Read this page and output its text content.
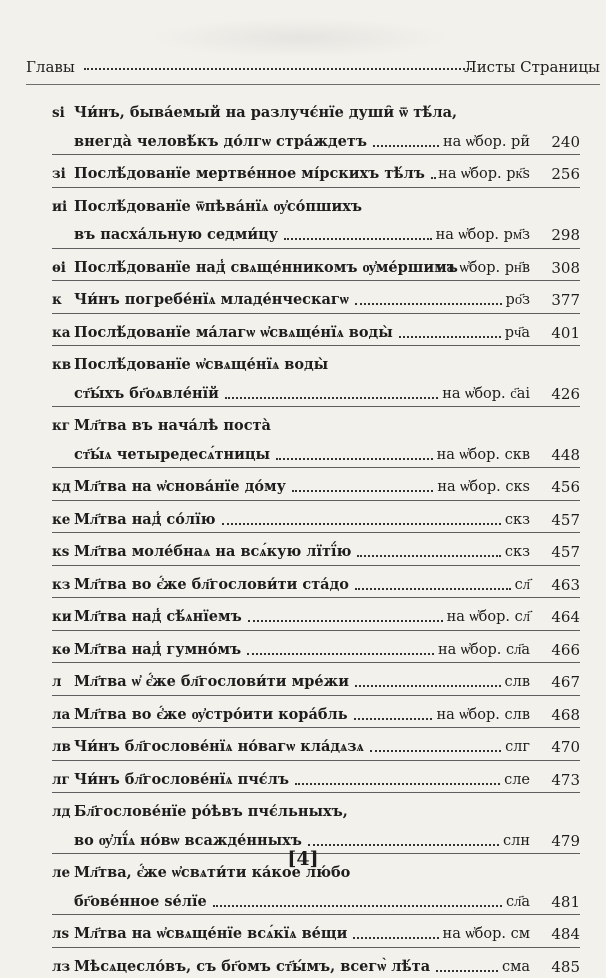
Главы	Листы Страницы
ѕі Чи́нъ, быва́емый на разлучє́нїе души̑ ѿ тѣ́ла,
внегда̀ человѣ́къ до́лгѡ стра́ждетъ	на ѡ҆бор. ри̃	240
зі Послѣ́дованїе мертве́нное мі́рскихъ тѣ́лъ на ѡ҆бор. рк҃ѕ	256
иі Послѣ́дованїе ѿпѣва́нїѧ ѹ҆со́пшихъ
въ пасха́льную седми́цу	на ѡ҆бор. рм҃з	298
ѳі Послѣ́дованїе над̾ свѧще́нникомъ ѹ҆ме́ршимъ
на ѡ҆бор. рн҃в	308
к Чи́нъ погребе́нїѧ младе́нческагѡ	ро҃з	377
ка Послѣ́дованїе ма́лагѡ ѡ҆свѧще́нїѧ воды̀	рч҃а	401
кв Послѣ́дованїе ѡ҆свѧще́нїѧ воды̀
ст҃ы́хъ бг҃оѧвле́нїй	на ѡ҆бор. с҃аі	426
кг Мл҃тва въ нача́лѣ поста̀
ст҃ы́ѧ четыредесѧ́тницы	на ѡ҆бор. скв	448
кд Мл҃тва на ѡ҆снова́нїе до́му	на ѡ҆бор. скѕ	456
ке Мл҃тва над̾ со́лїю	скз	457
кѕ Мл҃тва моле́бнаѧ на всѧ́кую лїтї́ю	скз	457
кз Мл҃тва во є҆́же бл҃гослови́ти ста́до	сл҃	463
ки Мл҃тва над̾ сѣ́ѧнїемъ	на ѡ҆бор. сл҃	464
кѳ Мл҃тва над̾ гумно́мъ	на ѡ҆бор. сл҃а	466
л Мл҃тва ѡ҆ є҆́же бл҃гослови́ти мре́жи	слв	467
ла Мл҃тва во є҆́же ѹ҆стро́ити кора́бль	на ѡ҆бор. слв	468
лв Чи́нъ бл҃гослове́нїѧ но́вагѡ кла́дѧзѧ	слг	470
лг Чи́нъ бл҃гослове́нїѧ пчє́лъ	сле	473
лд Бл҃гослове́нїе ро́ѣвъ пчє́льныхъ,
во ѹ҆лї́ѧ но́вѡ всажде́нныхъ	слн	479
ле Мл҃тва, є҆́же ѡ҆свѧти́ти ка́кое лю́бо
бг҃ове́нное ѕе́лїе	сл҃а	481
лѕ Мл҃тва на ѡ҆свѧще́нїе всѧ́кїѧ ве́щи	на ѡ҆бор. см	484
лз Мѣсѧцесло́въ, съ бг҃омъ ст҃ы́мъ, всегѡ̀ лѣ́та	сма	485
[4]
